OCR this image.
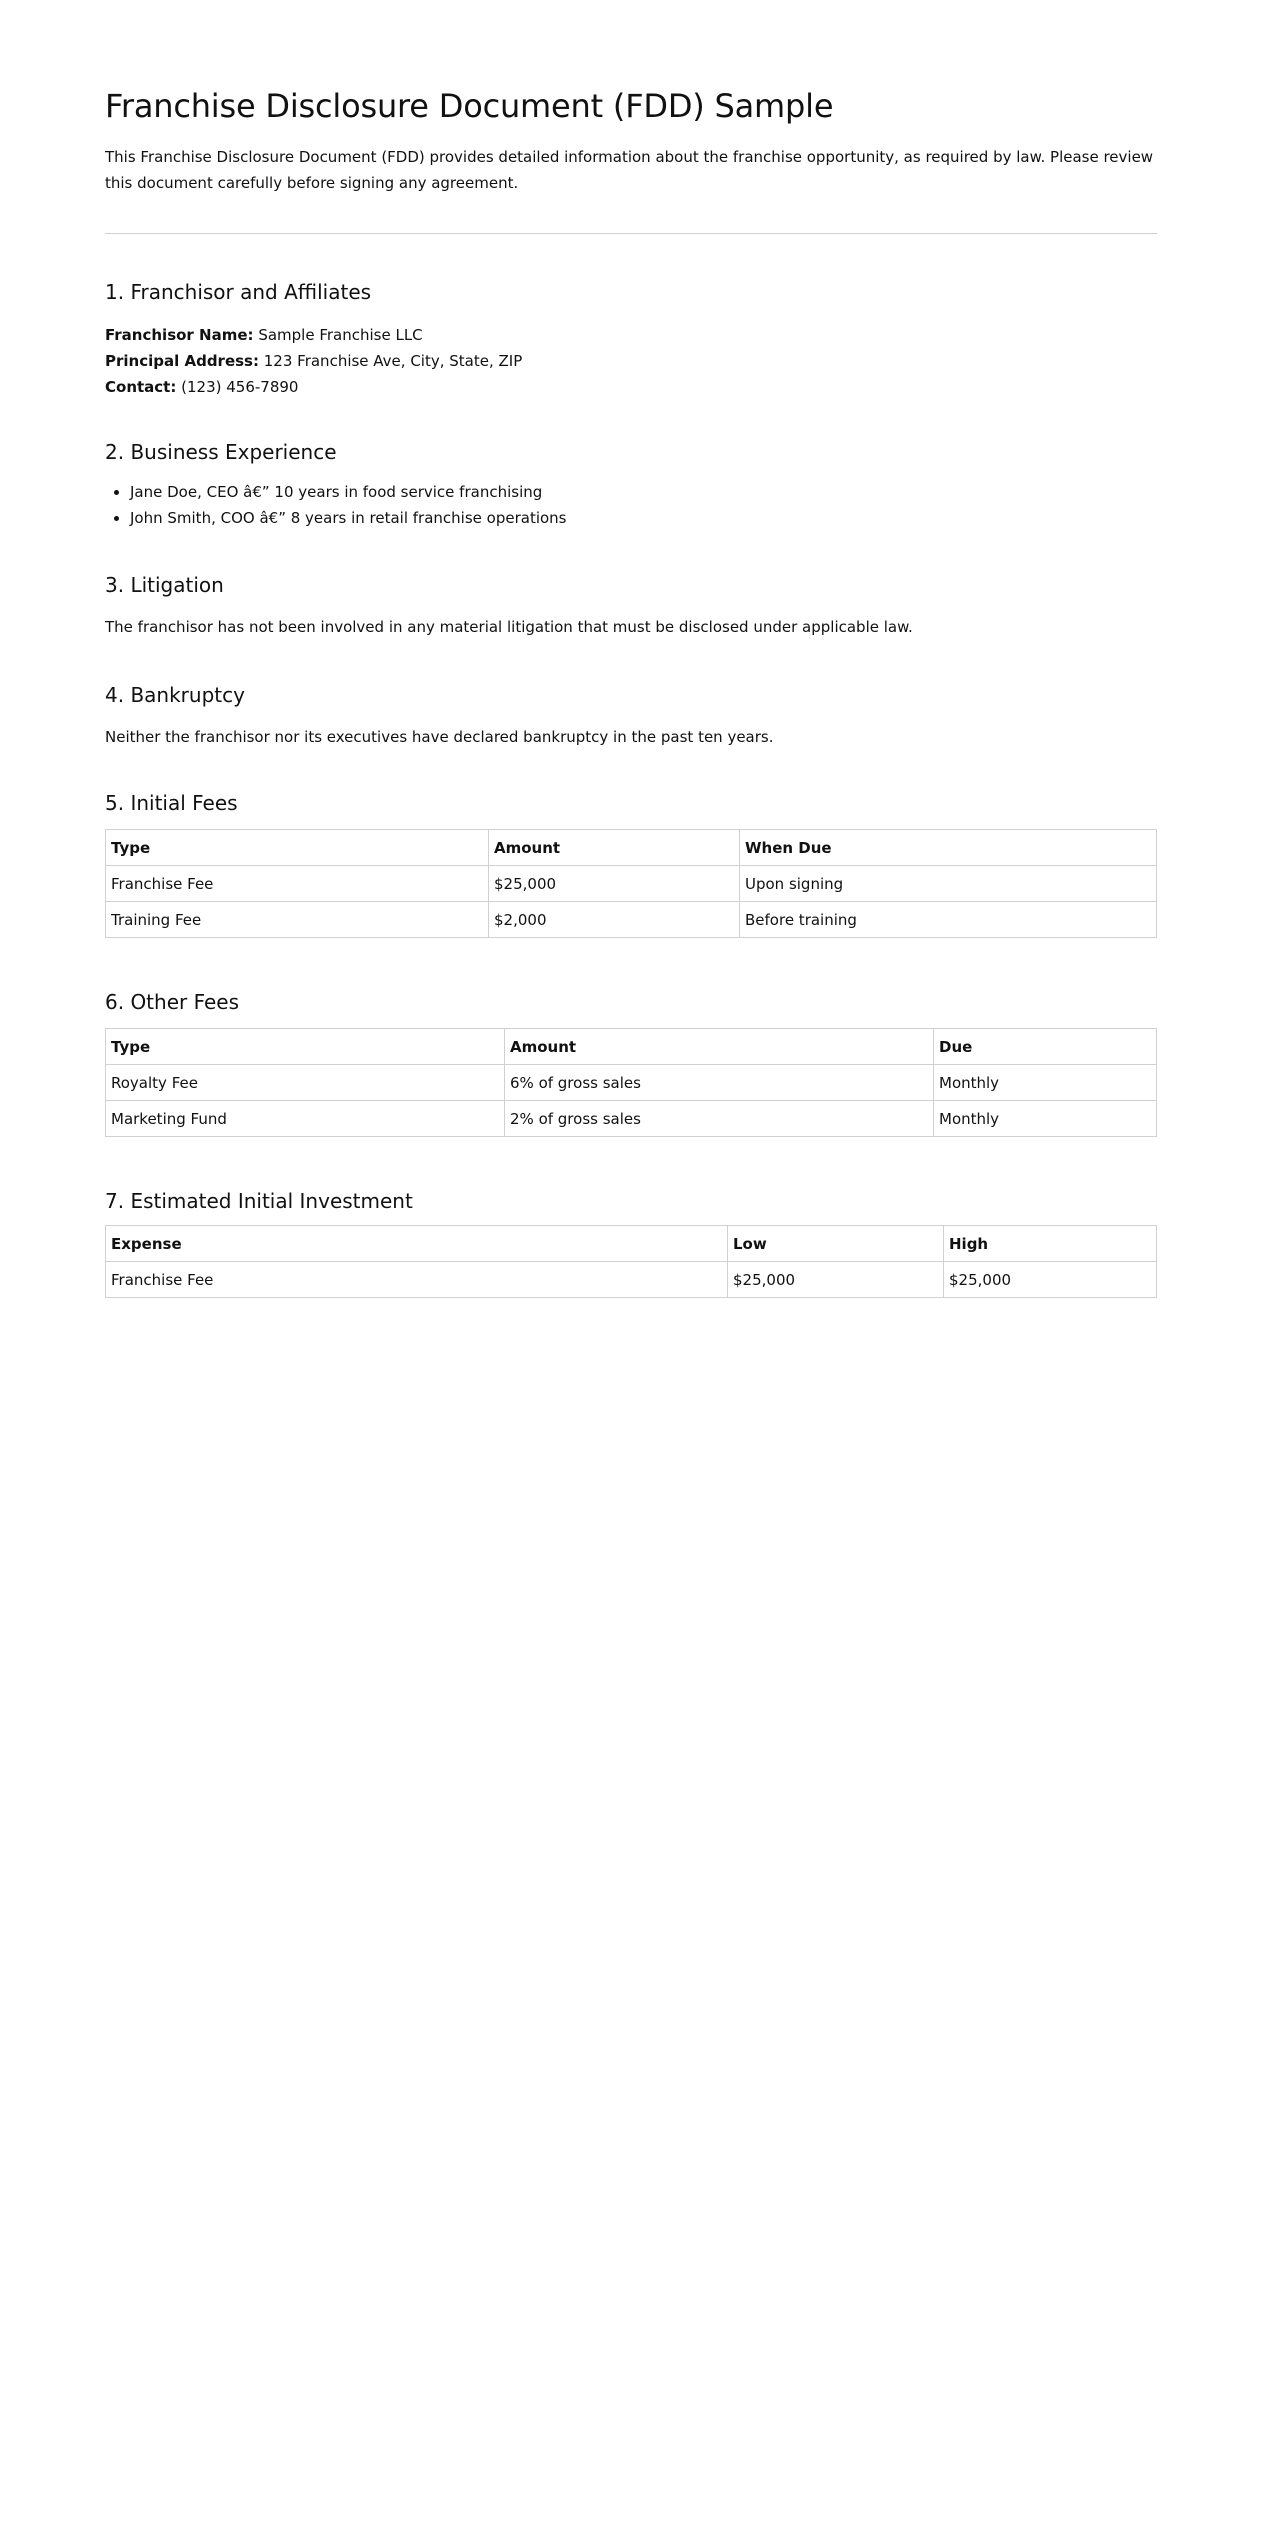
Franchise Disclosure Document (FDD) Sample

This Franchise Disclosure Document (FDD) provides detailed information about the franchise opportunity, as required by law. Please review this document carefully before signing any agreement.

1. Franchisor and Affiliates
Franchisor Name: Sample Franchise LLC
Principal Address: 123 Franchise Ave, City, State, ZIP
Contact: (123) 456-7890
2. Business Experience
• Jane Doe, CEO â€” 10 years in food service franchising
• John Smith, COO â€” 8 years in retail franchise operations
3. Litigation

The franchisor has not been involved in any material litigation that must be disclosed under applicable law.

4. Bankruptcy

Neither the franchisor nor its executives have declared bankruptcy in the past ten years.

5. Initial Fees
Type	Amount	When Due
Franchise Fee	$25,000	Upon signing
Training Fee	$2,000	Before training
6. Other Fees
Type	Amount	Due
Royalty Fee	6% of gross sales	Monthly
Marketing Fund	2% of gross sales	Monthly
7. Estimated Initial Investment
Expense	Low	High
Franchise Fee	$25,000	$25,000
